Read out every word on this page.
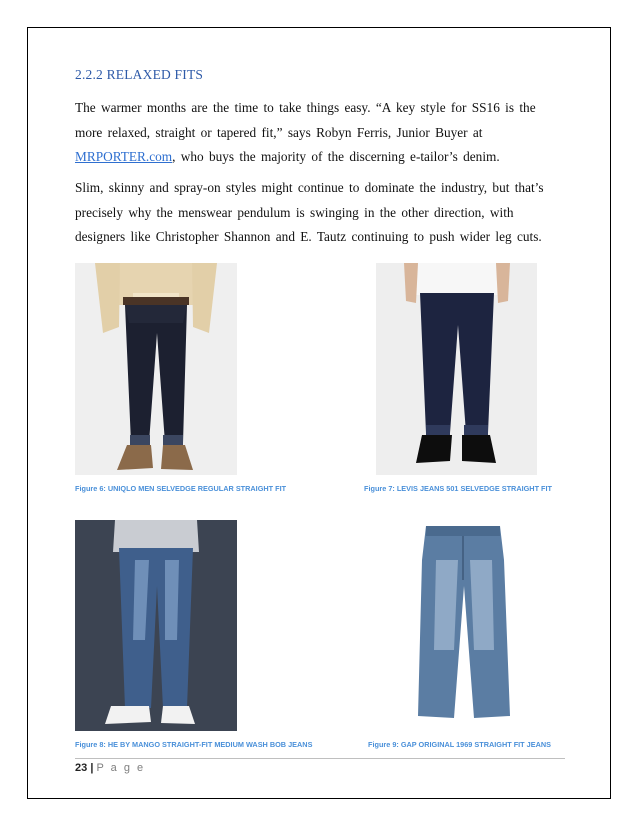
2.2.2 RELAXED FITS
The warmer months are the time to take things easy. “A key style for SS16 is the more relaxed, straight or tapered fit,” says Robyn Ferris, Junior Buyer at MRPORTER.com, who buys the majority of the discerning e-tailor’s denim.
Slim, skinny and spray-on styles might continue to dominate the industry, but that’s precisely why the menswear pendulum is swinging in the other direction, with designers like Christopher Shannon and E. Tautz continuing to push wider leg cuts.
Figure 6: UNIQLO MEN SELVEDGE REGULAR STRAIGHT FIT	Figure 7: LEVIS JEANS 501 SELVEDGE STRAIGHT FIT
Figure 8: HE BY MANGO STRAIGHT-FIT MEDIUM WASH BOB JEANS	Figure 9: GAP ORIGINAL 1969 STRAIGHT FIT JEANS
23 | P a g e
